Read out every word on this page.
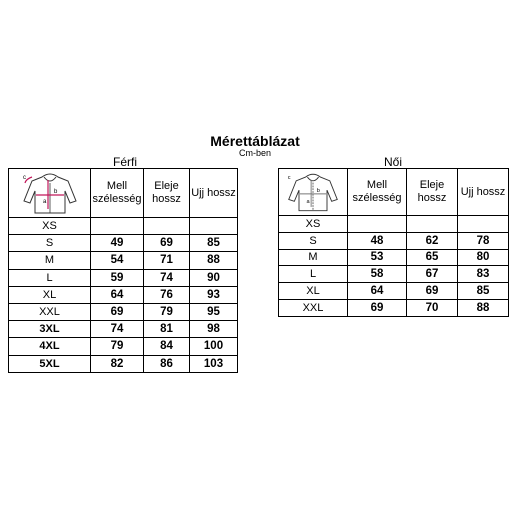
Mérettáblázat
Cm-ben
Férfi	Női
c
a
b	Mell szélesség	Eleje hossz	Ujj hossz
XS			
S	49	69	85
M	54	71	88
L	59	74	90
XL	64	76	93
XXL	69	79	95
3XL	74	81	98
4XL	79	84	100
5XL	82	86	103
c
a
b	Mell szélesség	Eleje hossz	Ujj hossz
XS			
S	48	62	78
M	53	65	80
L	58	67	83
XL	64	69	85
XXL	69	70	88
